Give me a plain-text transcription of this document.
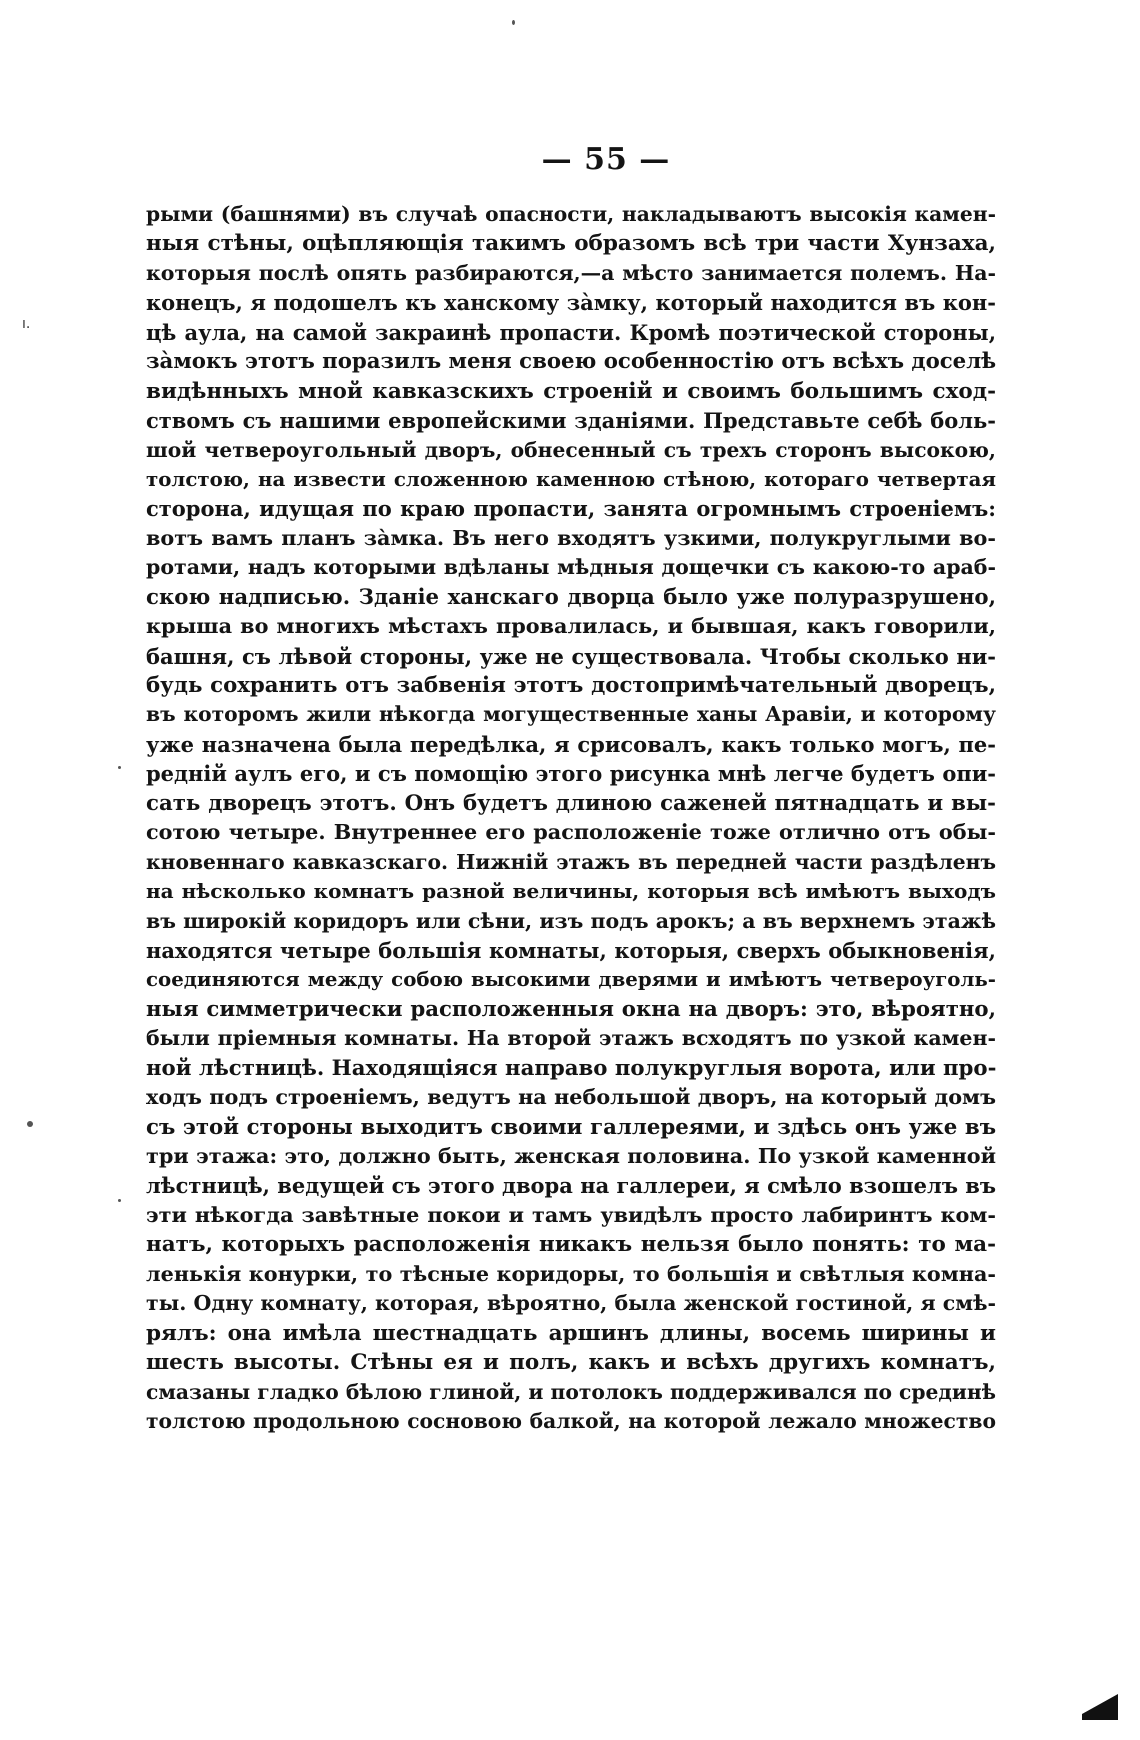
— 55 —
рыми (башнями) въ случаѣ опасности, накладываютъ высокія камен-
ныя стѣны, оцѣпляющія такимъ образомъ всѣ три части Хунзаха,
которыя послѣ опять разбираются,—а мѣсто занимается полемъ. На-
конецъ, я подошелъ къ ханскому за̀мку, который находится въ кон-
цѣ аула, на самой закраинѣ пропасти. Кромѣ поэтической стороны,
за̀мокъ этотъ поразилъ меня своею особенностію отъ всѣхъ доселѣ
видѣнныхъ мной кавказскихъ строеній и своимъ большимъ сход-
ствомъ съ нашими европейскими зданіями. Представьте себѣ боль-
шой четвероугольный дворъ, обнесенный съ трехъ сторонъ высокою,
толстою, на извести сложенною каменною стѣною, котораго четвертая
сторона, идущая по краю пропасти, занята огромнымъ строеніемъ:
вотъ вамъ планъ за̀мка. Въ него входятъ узкими, полукруглыми во-
ротами, надъ которыми вдѣланы мѣдныя дощечки съ какою-то араб-
скою надписью. Зданіе ханскаго дворца было уже полуразрушено,
крыша во многихъ мѣстахъ провалилась, и бывшая, какъ говорили,
башня, съ лѣвой стороны, уже не существовала. Чтобы сколько ни-
будь сохранить отъ забвенія этотъ достопримѣчательный дворецъ,
въ которомъ жили нѣкогда могущественные ханы Аравіи, и которому
уже назначена была передѣлка, я срисовалъ, какъ только могъ, пе-
редній аулъ его, и съ помощію этого рисунка мнѣ легче будетъ опи-
сать дворецъ этотъ. Онъ будетъ длиною саженей пятнадцать и вы-
сотою четыре. Внутреннее его расположеніе тоже отлично отъ обы-
кновеннаго кавказскаго. Нижній этажъ въ передней части раздѣленъ
на нѣсколько комнатъ разной величины, которыя всѣ имѣютъ выходъ
въ широкій коридоръ или сѣни, изъ подъ арокъ; а въ верхнемъ этажѣ
находятся четыре большія комнаты, которыя, сверхъ обыкновенія,
соединяются между собою высокими дверями и имѣютъ четвероуголь-
ныя симметрически расположенныя окна на дворъ: это, вѣроятно,
были пріемныя комнаты. На второй этажъ всходятъ по узкой камен-
ной лѣстницѣ. Находящіяся направо полукруглыя ворота, или про-
ходъ подъ строеніемъ, ведутъ на небольшой дворъ, на который домъ
съ этой стороны выходитъ своими галлереями, и здѣсь онъ уже въ
три этажа: это, должно быть, женская половина. По узкой каменной
лѣстницѣ, ведущей съ этого двора на галлереи, я смѣло взошелъ въ
эти нѣкогда завѣтные покои и тамъ увидѣлъ просто лабиринтъ ком-
натъ, которыхъ расположенія никакъ нельзя было понять: то ма-
ленькія конурки, то тѣсные коридоры, то большія и свѣтлыя комна-
ты. Одну комнату, которая, вѣроятно, была женской гостиной, я смѣ-
рялъ: она имѣла шестнадцать аршинъ длины, восемь ширины и
шесть высоты. Стѣны ея и полъ, какъ и всѣхъ другихъ комнатъ,
смазаны гладко бѣлою глиной, и потолокъ поддерживался по срединѣ
толстою продольною сосновою балкой, на которой лежало множество
ı.
